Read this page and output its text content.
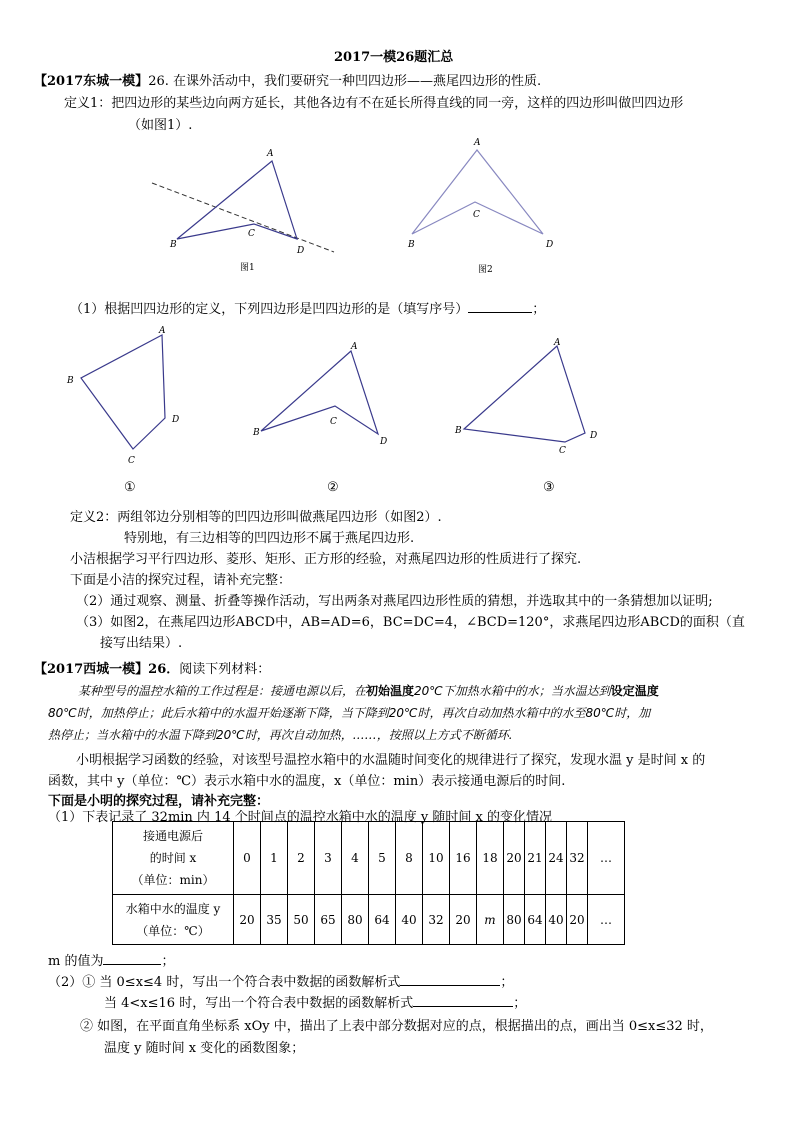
2017一模26题汇总
【2017东城一模】26. 在课外活动中，我们要研究一种凹四边形——燕尾四边形的性质.
定义1：把四边形的某些边向两方延长，其他各边有不在延长所得直线的同一旁，这样的四边形叫做凹四边形
（如图1）.
A
B
C
D
图1
A
B
C
D
图2
（1）根据凹四边形的定义，下列四边形是凹四边形的是（填写序号）	；
A
B
C
D
A
B
C
D
A
B
C
D
①	②	③
定义2：两组邻边分别相等的凹四边形叫做燕尾四边形（如图2）.
特别地，有三边相等的凹四边形不属于燕尾四边形.
小洁根据学习平行四边形、菱形、矩形、正方形的经验，对燕尾四边形的性质进行了探究.
下面是小洁的探究过程，请补充完整：
（2）通过观察、测量、折叠等操作活动，写出两条对燕尾四边形性质的猜想，并选取其中的一条猜想加以证明;
（3）如图2，在燕尾四边形ABCD中，AB=AD=6，BC=DC=4，∠BCD=120°，求燕尾四边形ABCD的面积（直
接写出结果）.
【2017西城一模】26．阅读下列材料：
某种型号的温控水箱的工作过程是：接通电源以后，在初始温度20℃下加热水箱中的水；当水温达到设定温度
80℃时，加热停止；此后水箱中的水温开始逐渐下降，当下降到20℃时，再次自动加热水箱中的水至80℃时，加
热停止；当水箱中的水温下降到20℃时，再次自动加热，……，按照以上方式不断循环.
小明根据学习函数的经验，对该型号温控水箱中的水温随时间变化的规律进行了探究，发现水温 y 是时间 x 的
函数，其中 y（单位：℃）表示水箱中水的温度，x（单位：min）表示接通电源后的时间.
下面是小明的探究过程，请补充完整：
（1）下表记录了 32min 内 14 个时间点的温控水箱中水的温度 y 随时间 x 的变化情况
接通电源后
的时间 x
（单位：min）	0	1	2	3	4	5	8	10	16	18	20	21	24	32	…

水箱中水的温度 y
（单位：℃）	20	35	50	65	80	64	40	32	20	m	80	64	40	20	…
m 的值为	；
（2）① 当 0≤x≤4 时，写出一个符合表中数据的函数解析式	；
当 4<x≤16 时，写出一个符合表中数据的函数解析式	；
② 如图，在平面直角坐标系 xOy 中，描出了上表中部分数据对应的点，根据描出的点，画出当 0≤x≤32 时，
温度 y 随时间 x 变化的函数图象；
